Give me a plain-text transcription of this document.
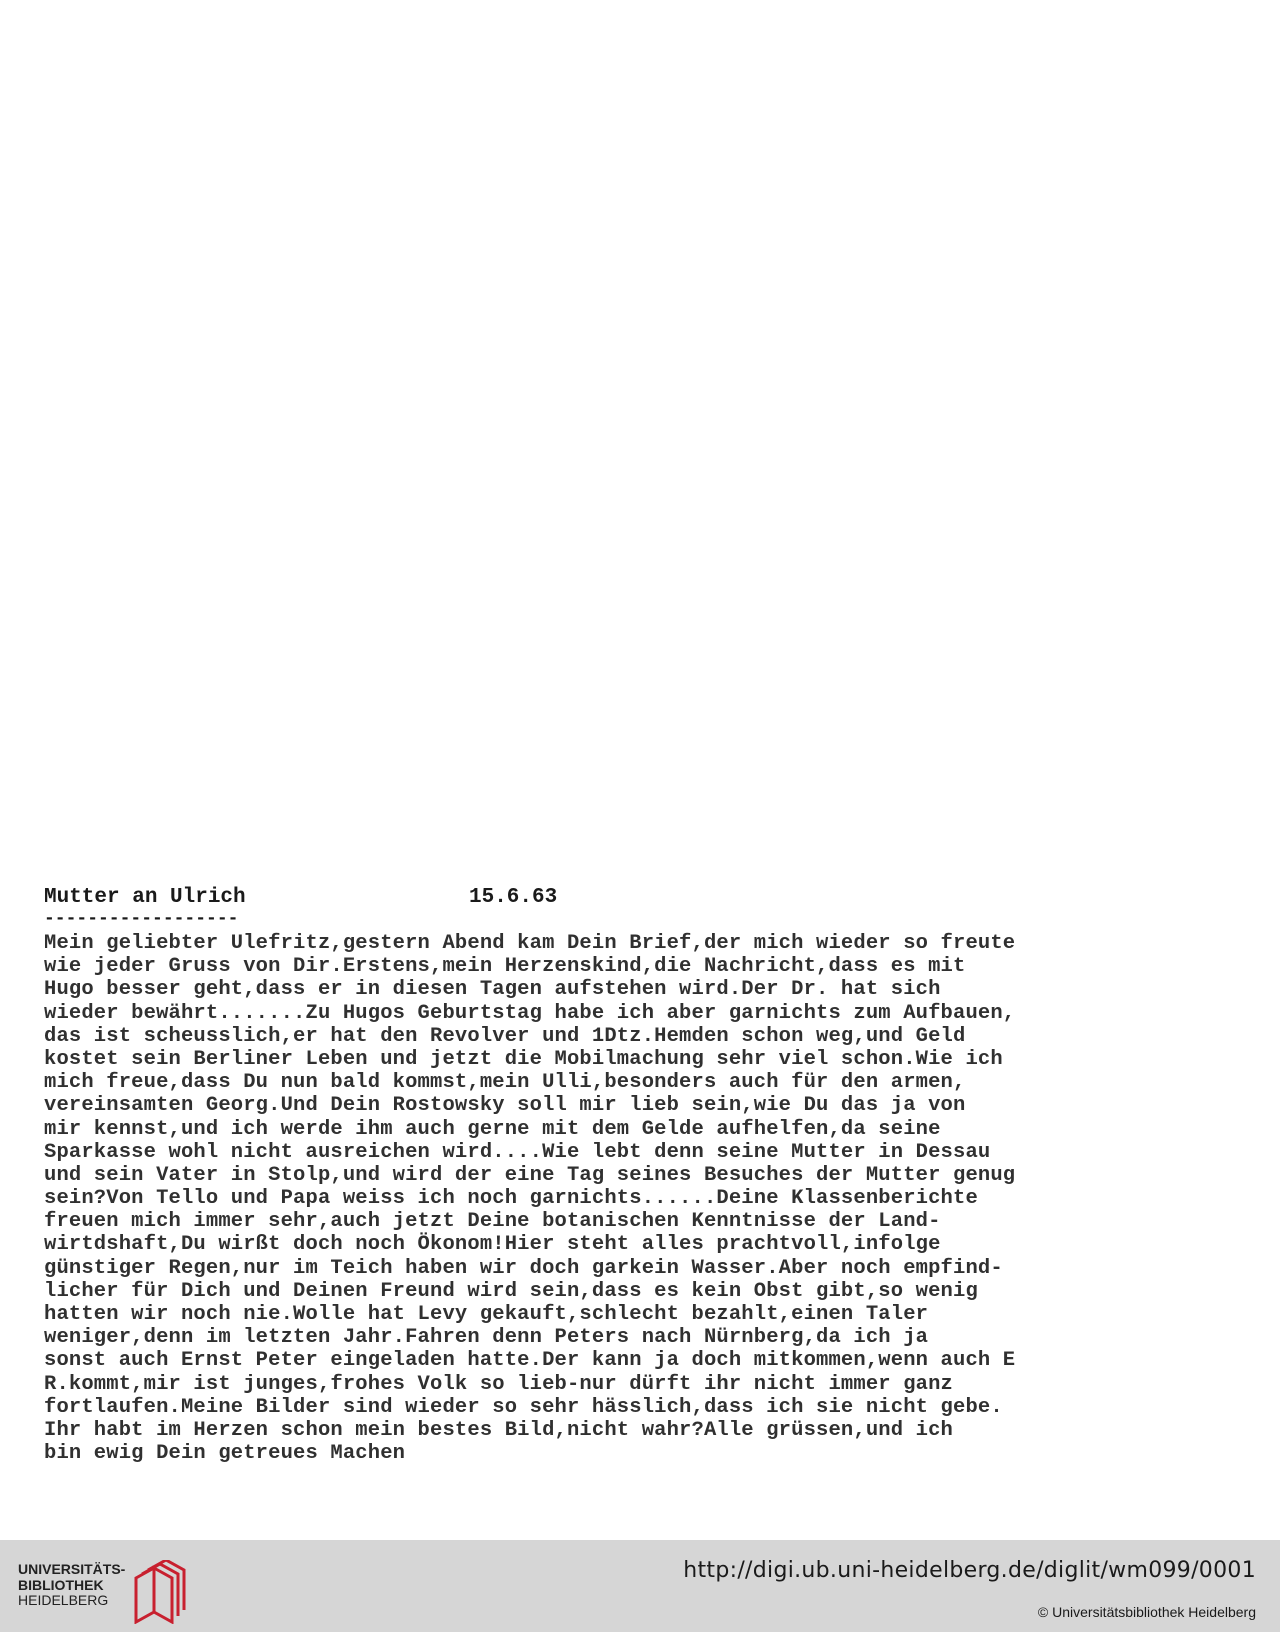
Mutter an Ulrich	15.6.63
------------------
Mein geliebter Ulefritz,gestern Abend kam Dein Brief,der mich wieder so freute
wie jeder Gruss von Dir.Erstens,mein Herzenskind,die Nachricht,dass es mit
Hugo besser geht,dass er in diesen Tagen aufstehen wird.Der Dr. hat sich
wieder bewährt.......Zu Hugos Geburtstag habe ich aber garnichts zum Aufbauen,
das ist scheusslich,er hat den Revolver und 1Dtz.Hemden schon weg,und Geld
kostet sein Berliner Leben und jetzt die Mobilmachung sehr viel schon.Wie ich
mich freue,dass Du nun bald kommst,mein Ulli,besonders auch für den armen,
vereinsamten Georg.Und Dein Rostowsky soll mir lieb sein,wie Du das ja von
mir kennst,und ich werde ihm auch gerne mit dem Gelde aufhelfen,da seine
Sparkasse wohl nicht ausreichen wird....Wie lebt denn seine Mutter in Dessau
und sein Vater in Stolp,und wird der eine Tag seines Besuches der Mutter genug
sein?Von Tello und Papa weiss ich noch garnichts......Deine Klassenberichte
freuen mich immer sehr,auch jetzt Deine botanischen Kenntnisse der Land-
wirtdshaft,Du wirßt doch noch Ökonom!Hier steht alles prachtvoll,infolge
günstiger Regen,nur im Teich haben wir doch garkein Wasser.Aber noch empfind-
licher für Dich und Deinen Freund wird sein,dass es kein Obst gibt,so wenig
hatten wir noch nie.Wolle hat Levy gekauft,schlecht bezahlt,einen Taler
weniger,denn im letzten Jahr.Fahren denn Peters nach Nürnberg,da ich ja
sonst auch Ernst Peter eingeladen hatte.Der kann ja doch mitkommen,wenn auch E
R.kommt,mir ist junges,frohes Volk so lieb-nur dürft ihr nicht immer ganz
fortlaufen.Meine Bilder sind wieder so sehr hässlich,dass ich sie nicht gebe.
Ihr habt im Herzen schon mein bestes Bild,nicht wahr?Alle grüssen,und ich
bin ewig Dein getreues Machen
UNIVERSITÄTS-
BIBLIOTHEK
HEIDELBERG
http://digi.ub.uni-heidelberg.de/diglit/wm099/0001
© Universitätsbibliothek Heidelberg
